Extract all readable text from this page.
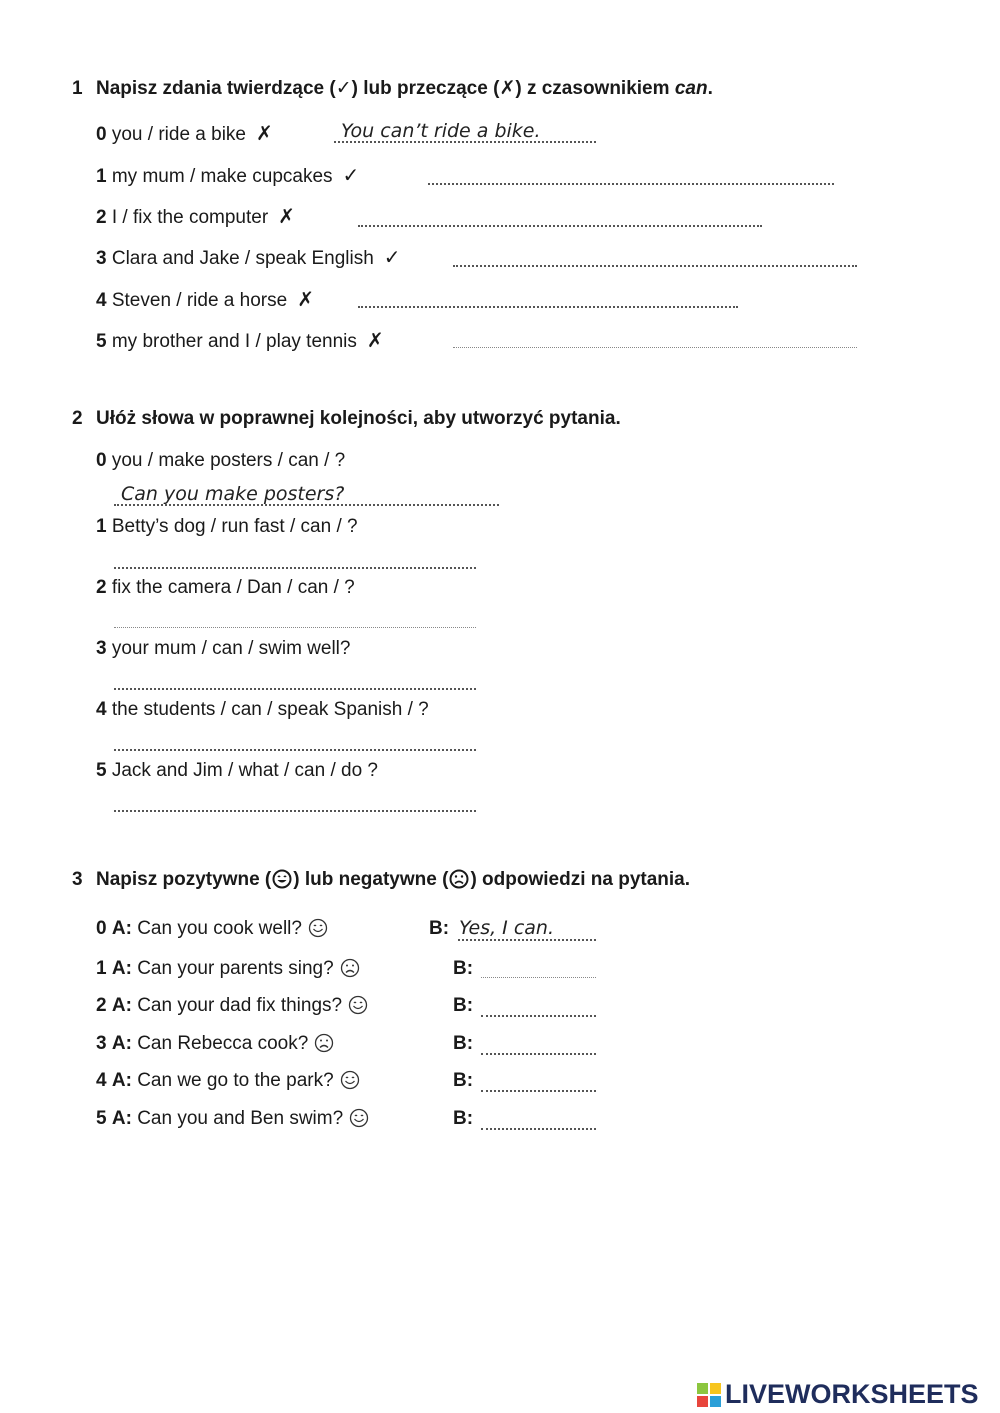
1 Napisz zdania twierdzące (✓) lub przeczące (✗) z czasownikiem can.
0 you / ride a bike ✗	You can’t ride a bike.
1 my mum / make cupcakes ✓
2 I / fix the computer ✗
3 Clara and Jake / speak English ✓
4 Steven / ride a horse ✗
5 my brother and I / play tennis ✗
2 Ułóż słowa w poprawnej kolejności, aby utworzyć pytania.
0 you / make posters / can / ?
Can you make posters?
1 Betty’s dog / run fast / can / ?
2 fix the camera / Dan / can / ?
3 your mum / can / swim well?
4 the students / can / speak Spanish / ?
5 Jack and Jim / what / can / do ?
3 Napisz pozytywne ( ) lub negatywne ( ) odpowiedzi na pytania.
0 A: Can you cook well?	B: Yes, I can.
1 A: Can your parents sing?	B:
2 A: Can your dad fix things?	B:
3 A: Can Rebecca cook?	B:
4 A: Can we go to the park?	B:
5 A: Can you and Ben swim?	B:
LIVEWORKSHEETS
